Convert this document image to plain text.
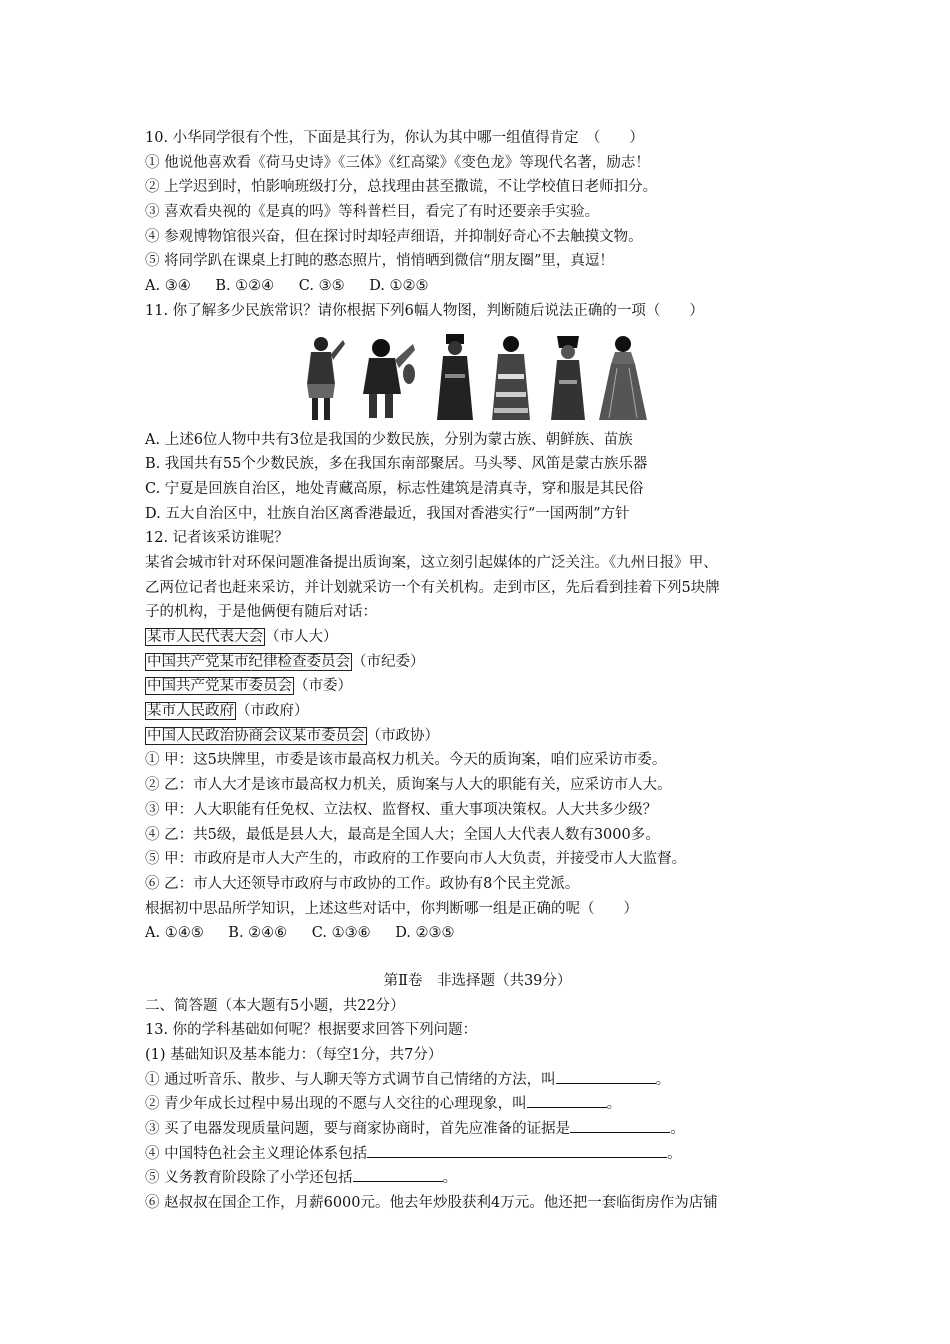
10. 小华同学很有个性，下面是其行为，你认为其中哪一组值得肯定　（　　）
① 他说他喜欢看《荷马史诗》《三体》《红高粱》《变色龙》等现代名著，励志！
② 上学迟到时，怕影响班级打分，总找理由甚至撒谎，不让学校值日老师扣分。
③ 喜欢看央视的《是真的吗》等科普栏目，看完了有时还要亲手实验。
④ 参观博物馆很兴奋，但在探讨时却轻声细语，并抑制好奇心不去触摸文物。
⑤ 将同学趴在课桌上打盹的憨态照片，悄悄晒到微信“朋友圈”里，真逗！
A. ③④ B. ①②④ C. ③⑤ D. ①②⑤
11. 你了解多少民族常识？请你根据下列6幅人物图，判断随后说法正确的一项（　　）
A. 上述6位人物中共有3位是我国的少数民族，分别为蒙古族、朝鲜族、苗族
B. 我国共有55个少数民族，多在我国东南部聚居。马头琴、风笛是蒙古族乐器
C. 宁夏是回族自治区，地处青藏高原，标志性建筑是清真寺，穿和服是其民俗
D. 五大自治区中，壮族自治区离香港最近，我国对香港实行“一国两制”方针
12. 记者该采访谁呢？
某省会城市针对环保问题准备提出质询案，这立刻引起媒体的广泛关注。《九州日报》甲、
乙两位记者也赶来采访，并计划就采访一个有关机构。走到市区，先后看到挂着下列5块牌
子的机构，于是他俩便有随后对话：
某市人民代表大会 （市人大）
中国共产党某市纪律检查委员会 （市纪委）
中国共产党某市委员会 （市委）
某市人民政府 （市政府）
中国人民政治协商会议某市委员会 （市政协）
① 甲：这5块牌里，市委是该市最高权力机关。今天的质询案，咱们应采访市委。
② 乙：市人大才是该市最高权力机关，质询案与人大的职能有关，应采访市人大。
③ 甲：人大职能有任免权、立法权、监督权、重大事项决策权。人大共多少级？
④ 乙：共5级，最低是县人大，最高是全国人大；全国人大代表人数有3000多。
⑤ 甲：市政府是市人大产生的，市政府的工作要向市人大负责，并接受市人大监督。
⑥ 乙：市人大还领导市政府与市政协的工作。政协有8个民主党派。
根据初中思品所学知识，上述这些对话中，你判断哪一组是正确的呢（　　）
A. ①④⑤ B. ②④⑥ C. ①③⑥ D. ②③⑤
第Ⅱ卷　非选择题（共39分）
二、简答题（本大题有5小题，共22分）
13. 你的学科基础如何呢？根据要求回答下列问题：
(1) 基础知识及基本能力：（每空1分，共7分）
① 通过听音乐、散步、与人聊天等方式调节自己情绪的方法，叫	。
② 青少年成长过程中易出现的不愿与人交往的心理现象，叫	。
③ 买了电器发现质量问题，要与商家协商时，首先应准备的证据是	。
④ 中国特色社会主义理论体系包括	。
⑤ 义务教育阶段除了小学还包括	。
⑥ 赵叔叔在国企工作，月薪6000元。他去年炒股获利4万元。他还把一套临街房作为店铺
